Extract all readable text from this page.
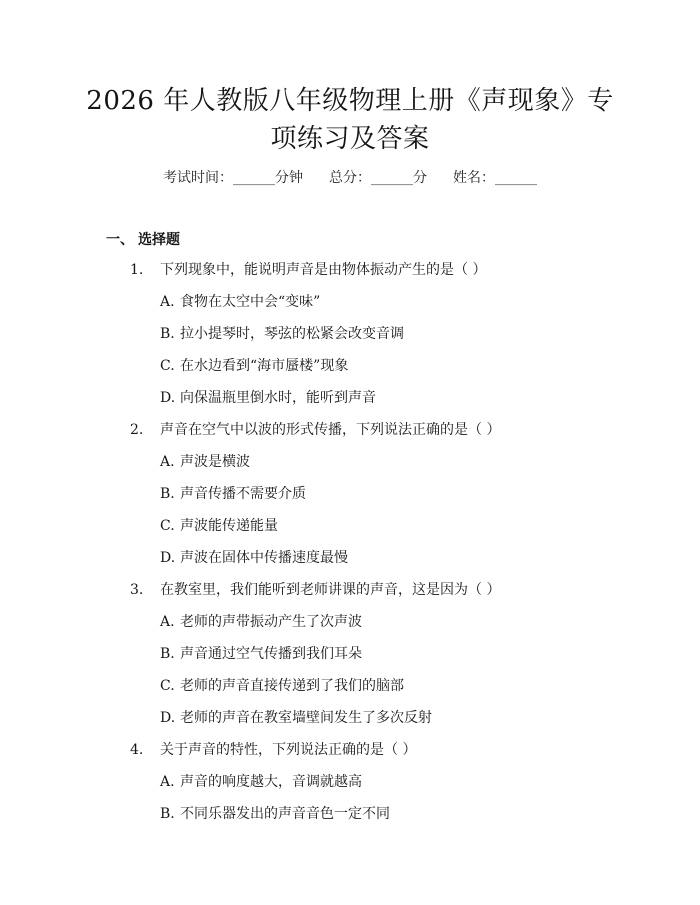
2026 年人教版八年级物理上册《声现象》专
项练习及答案
考试时间：______分钟 总分：______分 姓名：______
一、 选择题
1. 下列现象中，能说明声音是由物体振动产生的是（ ）
A. 食物在太空中会“变味”
B. 拉小提琴时，琴弦的松紧会改变音调
C. 在水边看到“海市蜃楼”现象
D. 向保温瓶里倒水时，能听到声音
2. 声音在空气中以波的形式传播，下列说法正确的是（ ）
A. 声波是横波
B. 声音传播不需要介质
C. 声波能传递能量
D. 声波在固体中传播速度最慢
3. 在教室里，我们能听到老师讲课的声音，这是因为（ ）
A. 老师的声带振动产生了次声波
B. 声音通过空气传播到我们耳朵
C. 老师的声音直接传递到了我们的脑部
D. 老师的声音在教室墙壁间发生了多次反射
4. 关于声音的特性，下列说法正确的是（ ）
A. 声音的响度越大，音调就越高
B. 不同乐器发出的声音音色一定不同
